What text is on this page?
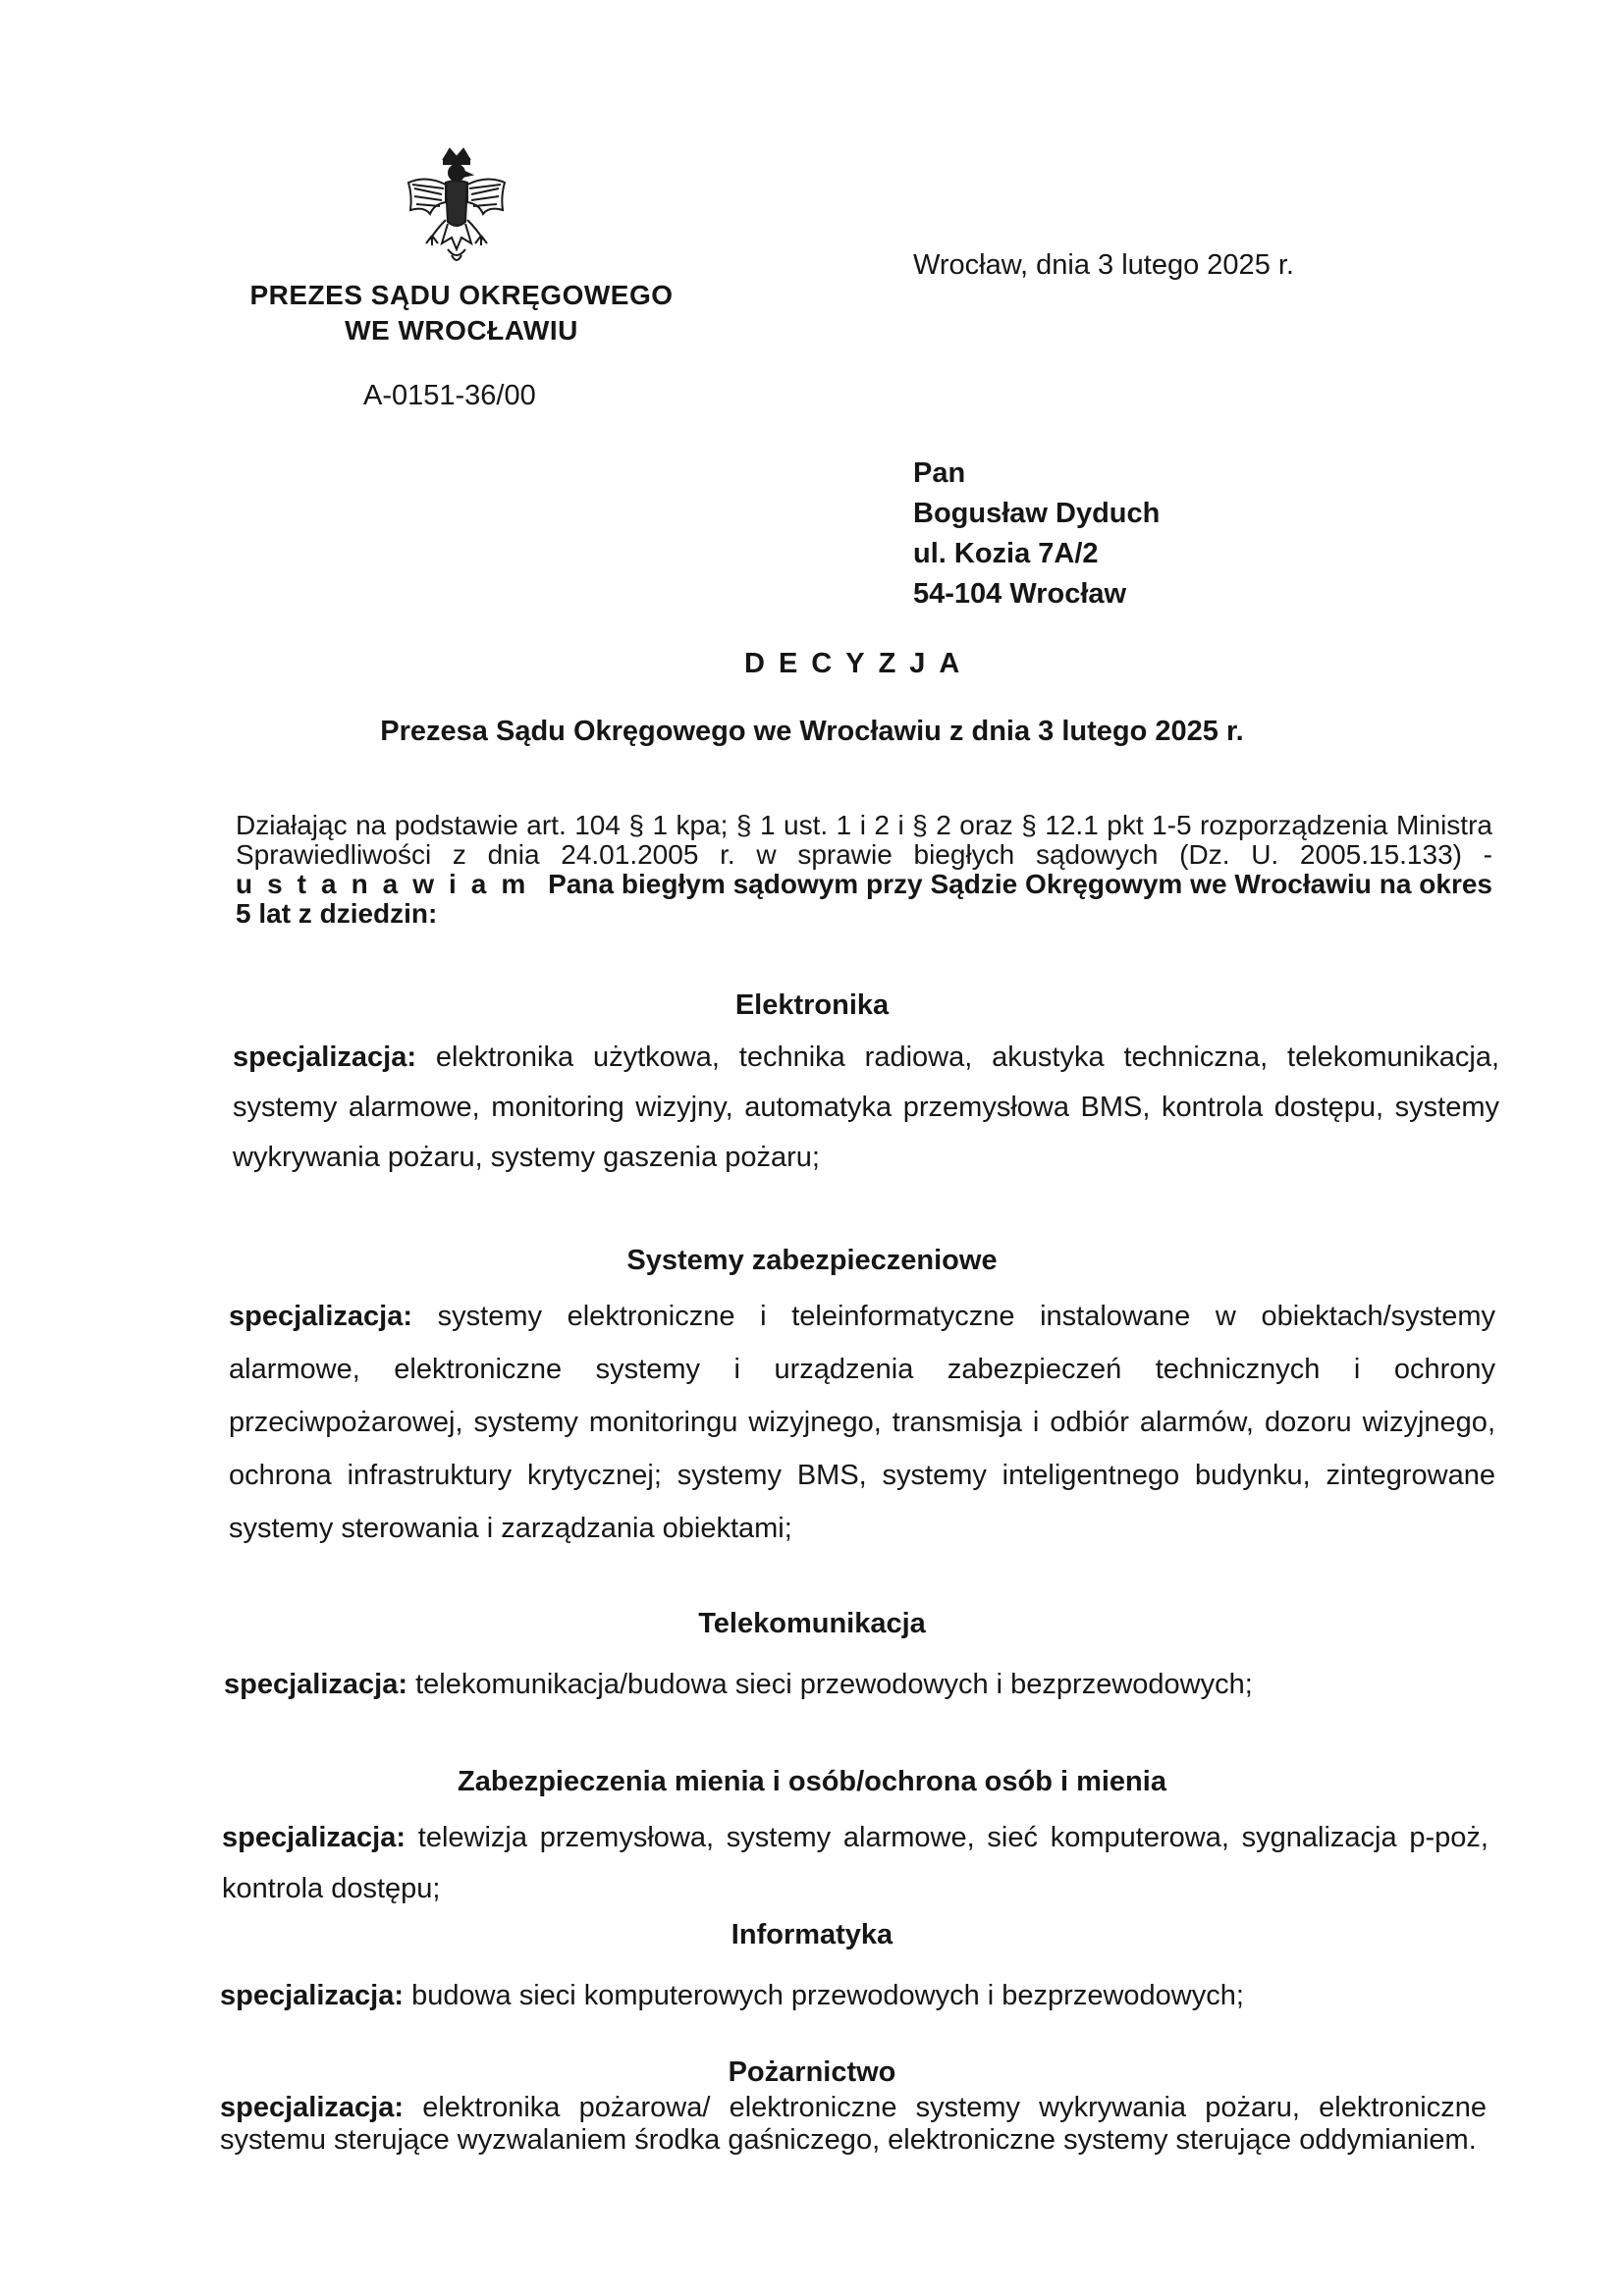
PREZES SĄDU OKRĘGOWEGO
WE WROCŁAWIU
Wrocław, dnia 3 lutego 2025 r.
A-0151-36/00
Pan
Bogusław Dyduch
ul. Kozia 7A/2
54-104 Wrocław
DECYZJA
Prezesa Sądu Okręgowego we Wrocławiu z dnia 3 lutego 2025 r.
Działając na podstawie art. 104 § 1 kpa; § 1 ust. 1 i 2 i § 2 oraz § 12.1 pkt 1-5 rozporządzenia Ministra Sprawiedliwości z dnia 24.01.2005 r. w sprawie biegłych sądowych (Dz. U. 2005.15.133) - ustanawiam Pana biegłym sądowym przy Sądzie Okręgowym we Wrocławiu na okres 5 lat z dziedzin:
Elektronika
specjalizacja: elektronika użytkowa, technika radiowa, akustyka techniczna, telekomunikacja, systemy alarmowe, monitoring wizyjny, automatyka przemysłowa BMS, kontrola dostępu, systemy wykrywania pożaru, systemy gaszenia pożaru;
Systemy zabezpieczeniowe
specjalizacja: systemy elektroniczne i teleinformatyczne instalowane w obiektach/systemy alarmowe, elektroniczne systemy i urządzenia zabezpieczeń technicznych i ochrony przeciwpożarowej, systemy monitoringu wizyjnego, transmisja i odbiór alarmów, dozoru wizyjnego, ochrona infrastruktury krytycznej; systemy BMS, systemy inteligentnego budynku, zintegrowane systemy sterowania i zarządzania obiektami;
Telekomunikacja
specjalizacja: telekomunikacja/budowa sieci przewodowych i bezprzewodowych;
Zabezpieczenia mienia i osób/ochrona osób i mienia
specjalizacja: telewizja przemysłowa, systemy alarmowe, sieć komputerowa, sygnalizacja p-poż, kontrola dostępu;
Informatyka
specjalizacja: budowa sieci komputerowych przewodowych i bezprzewodowych;
Pożarnictwo
specjalizacja: elektronika pożarowa/ elektroniczne systemy wykrywania pożaru, elektroniczne systemu sterujące wyzwalaniem środka gaśniczego, elektroniczne systemy sterujące oddymianiem.
